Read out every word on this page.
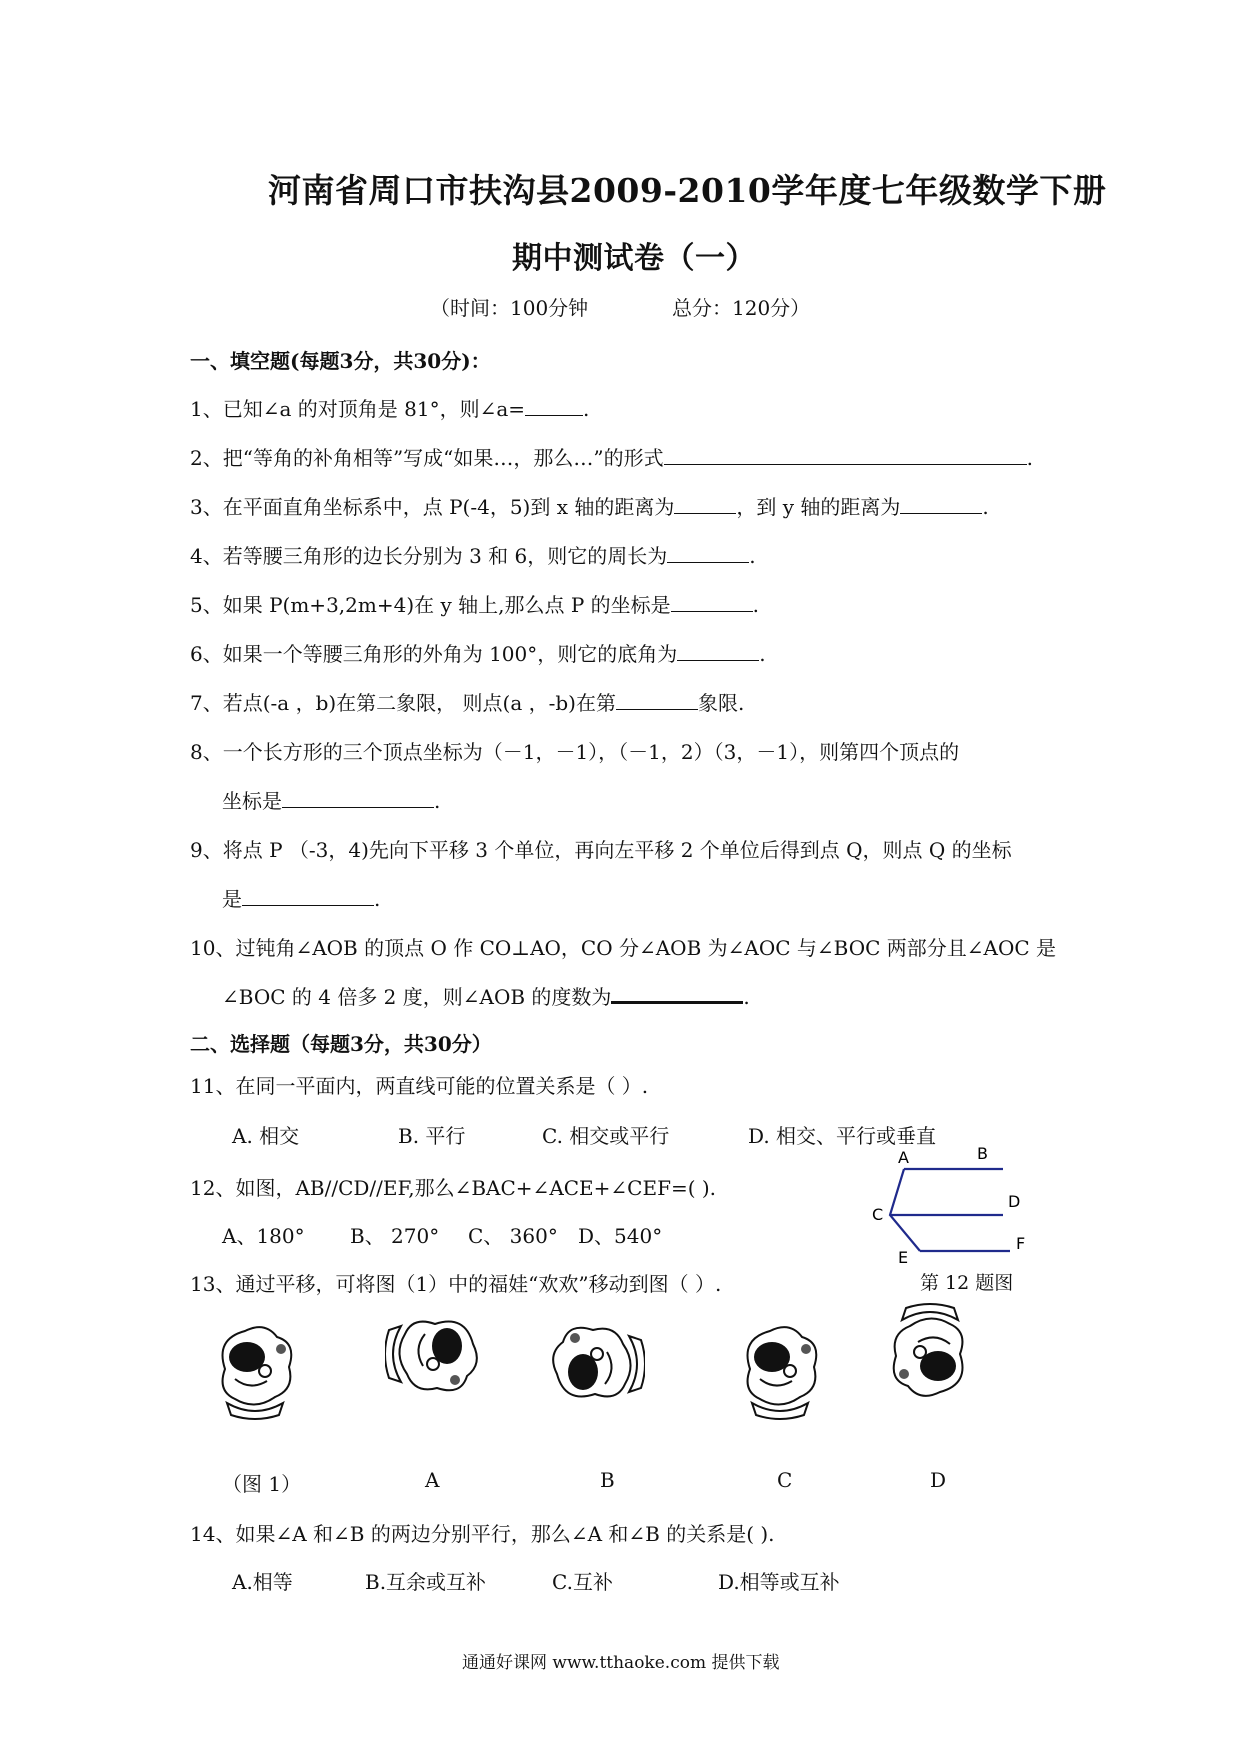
河南省周口市扶沟县2009-2010学年度七年级数学下册
期中测试卷（一）
（时间：100分钟	总分：120分）
一、填空题(每题3分，共30分)：
1、已知∠a 的对顶角是 81°，则∠a=	.
2、把“等角的补角相等”写成“如果…，那么…”的形式	.
3、在平面直角坐标系中，点 P(-4，5)到 x 轴的距离为	，到 y 轴的距离为	.
4、若等腰三角形的边长分别为 3 和 6，则它的周长为	.
5、如果 P(m+3,2m+4)在 y 轴上,那么点 P 的坐标是	.
6、如果一个等腰三角形的外角为 100°，则它的底角为	.
7、若点(-a ，b)在第二象限， 则点(a ，-b)在第	象限.
8、一个长方形的三个顶点坐标为（－1，－1），（－1，2）（3，－1），则第四个顶点的
坐标是	.
9、将点 P （-3，4)先向下平移 3 个单位，再向左平移 2 个单位后得到点 Q，则点 Q 的坐标
是	.
10、过钝角∠AOB 的顶点 O 作 CO⊥AO，CO 分∠AOB 为∠AOC 与∠BOC 两部分且∠AOC 是
∠BOC 的 4 倍多 2 度，则∠AOB 的度数为	.
二、选择题（每题3分，共30分）
11、在同一平面内，两直线可能的位置关系是（ ）.
A. 相交	B. 平行	C. 相交或平行	D. 相交、平行或垂直
12、如图，AB//CD//EF,那么∠BAC+∠ACE+∠CEF=( ).
A、180° B、 270° C、 360° D、540°
A	B
C
D
E
F
第 12 题图
13、通过平移，可将图（1）中的福娃“欢欢”移动到图（ ）.
（图 1）	A	B	C	D
14、如果∠A 和∠B 的两边分别平行，那么∠A 和∠B 的关系是( ).
A.相等	B.互余或互补	C.互补	D.相等或互补
通通好课网 www.tthaoke.com 提供下载
